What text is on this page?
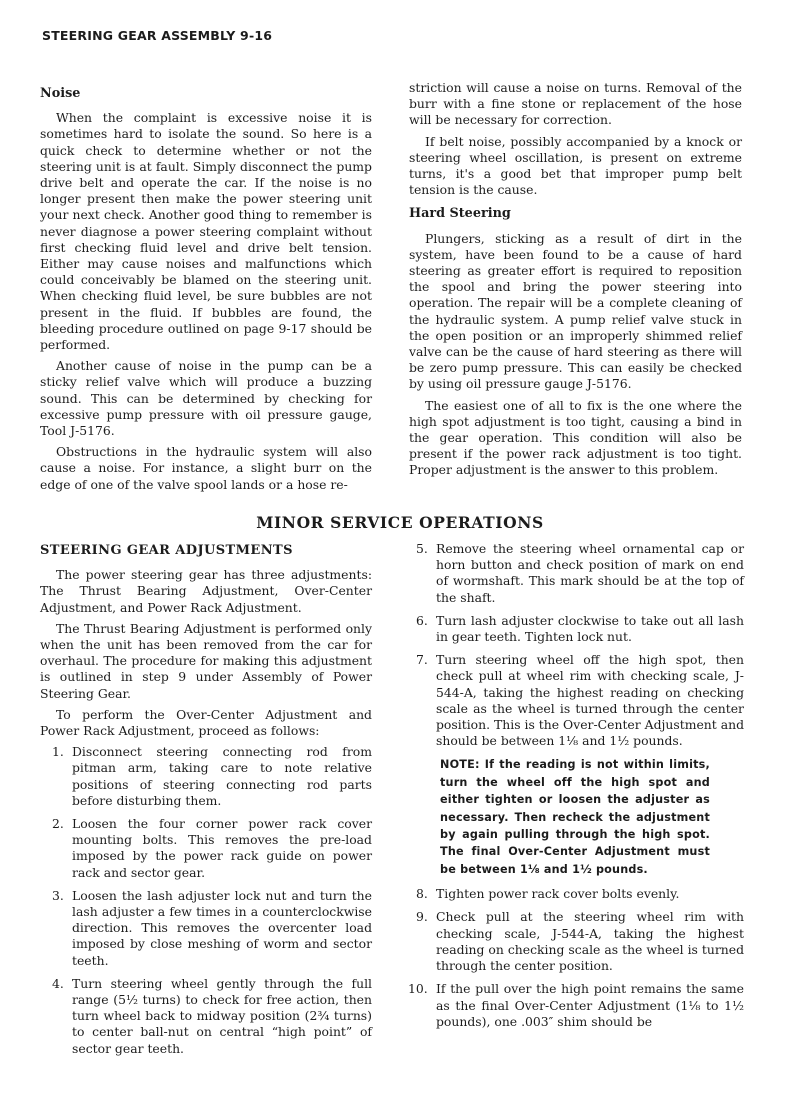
STEERING GEAR ASSEMBLY 9-16
Noise

When the complaint is excessive noise it is sometimes hard to isolate the sound. So here is a quick check to determine whether or not the steering unit is at fault. Simply disconnect the pump drive belt and operate the car. If the noise is no longer present then make the power steering unit your next check. Another good thing to remember is never diagnose a power steering complaint without first checking fluid level and drive belt tension. Either may cause noises and malfunctions which could conceivably be blamed on the steering unit. When checking fluid level, be sure bubbles are not present in the fluid. If bubbles are found, the bleeding procedure outlined on page 9-17 should be performed.

Another cause of noise in the pump can be a sticky relief valve which will produce a buzzing sound. This can be determined by checking for excessive pump pressure with oil pressure gauge, Tool J-5176.

Obstructions in the hydraulic system will also cause a noise. For instance, a slight burr on the edge of one of the valve spool lands or a hose re-

striction will cause a noise on turns. Removal of the burr with a fine stone or replacement of the hose will be necessary for correction.

If belt noise, possibly accompanied by a knock or steering wheel oscillation, is present on extreme turns, it's a good bet that improper pump belt tension is the cause.

Hard Steering

Plungers, sticking as a result of dirt in the system, have been found to be a cause of hard steering as greater effort is required to reposition the spool and bring the power steering into operation. The repair will be a complete cleaning of the hydraulic system. A pump relief valve stuck in the open position or an improperly shimmed relief valve can be the cause of hard steering as there will be zero pump pressure. This can easily be checked by using oil pressure gauge J-5176.

The easiest one of all to fix is the one where the high spot adjustment is too tight, causing a bind in the gear operation. This condition will also be present if the power rack adjustment is too tight. Proper adjustment is the answer to this problem.

MINOR SERVICE OPERATIONS
STEERING GEAR ADJUSTMENTS

The power steering gear has three adjustments: The Thrust Bearing Adjustment, Over-Center Adjustment, and Power Rack Adjustment.

The Thrust Bearing Adjustment is performed only when the unit has been removed from the car for overhaul. The procedure for making this adjustment is outlined in step 9 under Assembly of Power Steering Gear.

To perform the Over-Center Adjustment and Power Rack Adjustment, proceed as follows:

1. Disconnect steering connecting rod from pitman arm, taking care to note relative positions of steering connecting rod parts before disturbing them.
2. Loosen the four corner power rack cover mounting bolts. This removes the pre-load imposed by the power rack guide on power rack and sector gear.
3. Loosen the lash adjuster lock nut and turn the lash adjuster a few times in a counterclockwise direction. This removes the overcenter load imposed by close meshing of worm and sector teeth.
4. Turn steering wheel gently through the full range (5½ turns) to check for free action, then turn wheel back to midway position (2¾ turns) to center ball-nut on central “high point” of sector gear teeth.
5. Remove the steering wheel ornamental cap or horn button and check position of mark on end of wormshaft. This mark should be at the top of the shaft.
6. Turn lash adjuster clockwise to take out all lash in gear teeth. Tighten lock nut.
7. Turn steering wheel off the high spot, then check pull at wheel rim with checking scale, J-544-A, taking the highest reading on checking scale as the wheel is turned through the center position. This is the Over-Center Adjustment and should be between 1⅛ and 1½ pounds.
NOTE: If the reading is not within limits, turn the wheel off the high spot and either tighten or loosen the adjuster as necessary. Then recheck the adjustment by again pulling through the high spot. The final Over-Center Adjustment must be between 1⅛ and 1½ pounds.
8. Tighten power rack cover bolts evenly.
9. Check pull at the steering wheel rim with checking scale, J-544-A, taking the highest reading on checking scale as the wheel is turned through the center position.
10. If the pull over the high point remains the same as the final Over-Center Adjustment (1⅛ to 1½ pounds), one .003″ shim should be
